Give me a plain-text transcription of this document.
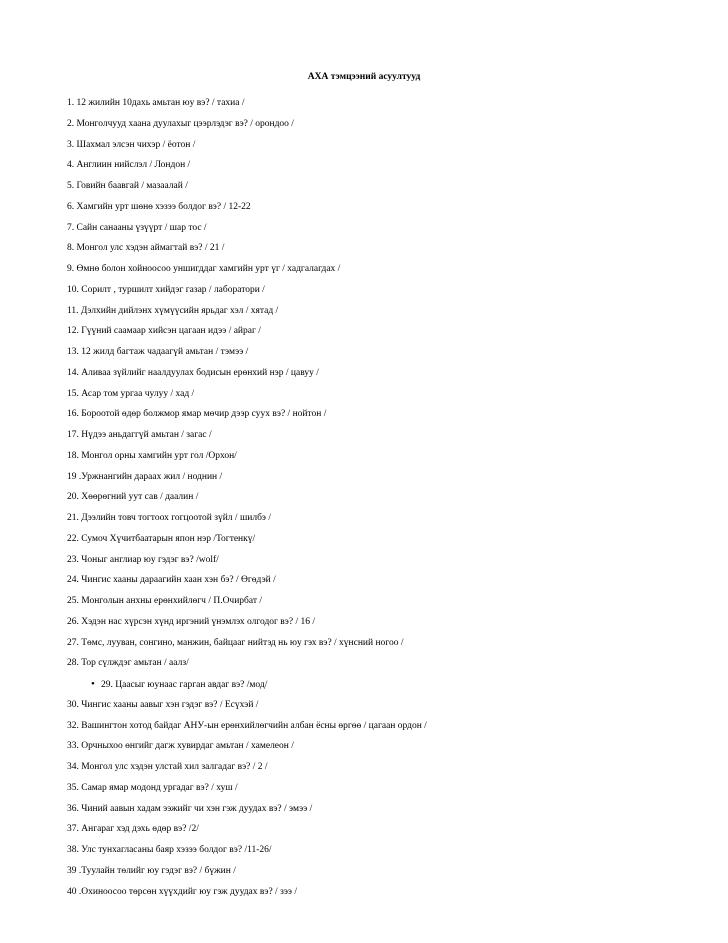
АХА тэмцээний асуултууд
1. 12 жилийн 10дахь амьтан юу вэ? / тахиа /
2. Монголчууд хаана дуулахыг цээрлэдэг вэ? / орондоо /
3. Шахмал элсэн чихэр / ёотон /
4. Англиин нийслэл / Лондон /
5. Говийн баавгай / мазаалай /
6. Хамгийн урт шөнө хэзээ болдог вэ? / 12-22
7. Сайн санааны үзүүрт / шар тос /
8. Монгол улс хэдэн аймагтай вэ? / 21 /
9. Өмнө болон хойноосоо уншигддаг хамгийн урт үг / хадгалагдах /
10. Сорилт , туршилт хийдэг газар / лаборатори /
11. Дэлхийн дийлэнх хүмүүсийн ярьдаг хэл / хятад /
12. Гүүний саамаар хийсэн цагаан идээ / айраг /
13. 12 жилд багтаж чадаагүй амьтан / тэмээ /
14. Аливаа зүйлийг наалдуулах бодисын ерөнхий нэр / цавуу /
15. Асар том ургаа чулуу / хад /
16. Бороотой өдөр болжмор ямар мөчир дээр суух вэ? / нойтон /
17. Нүдээ аньдаггүй амьтан / загас /
18. Монгол орны хамгийн урт гол /Орхон/
19 .Уржнангийн дараах жил / ноднин /
20. Хөөрөгний уут сав / даалин /
21. Дээлийн товч тогтоох гогцоотой зүйл / шилбэ /
22. Сумоч Хүчитбаатарын япон нэр /Тогтенкү/
23. Чоныг англиар юу гэдэг вэ? /wolf/
24. Чингис хааны дараагийн хаан хэн бэ? / Өгөдэй /
25. Монголын анхны ерөнхийлөгч / П.Очирбат /
26. Хэдэн нас хүрсэн хүнд иргэний үнэмлэх олгодог вэ? / 16 /
27. Төмс, лууван, сонгино, манжин, байцааг нийтэд нь юу гэх вэ? / хүнсний ногоо /
28. Тор сүлждэг амьтан / аалз/
• 29. Цаасыг юунаас гарган авдаг вэ? /мод/
30. Чингис хааны аавыг хэн гэдэг вэ? / Есүхэй /
32. Вашингтон хотод байдаг АНУ-ын ерөнхийлөгчийн албан ёсны өргөө / цагаан ордон /
33. Орчныхоо өнгийг дагж хувирдаг амьтан / хамелеон /
34. Монгол улс хэдэн улстай хил залгадаг вэ? / 2 /
35. Самар ямар модонд ургадаг вэ? / хуш /
36. Чиний аавын хадам ээжийг чи хэн гэж дуудах вэ? / эмээ /
37. Ангараг хэд дэхь өдөр вэ? /2/
38. Улс тунхагласаны баяр хэзээ болдог вэ? /11-26/
39 .Туулайн төлийг юу гэдэг вэ? / бүжин /
40 .Охиноосоо төрсөн хүүхдийг юу гэж дуудах вэ? / зээ /
